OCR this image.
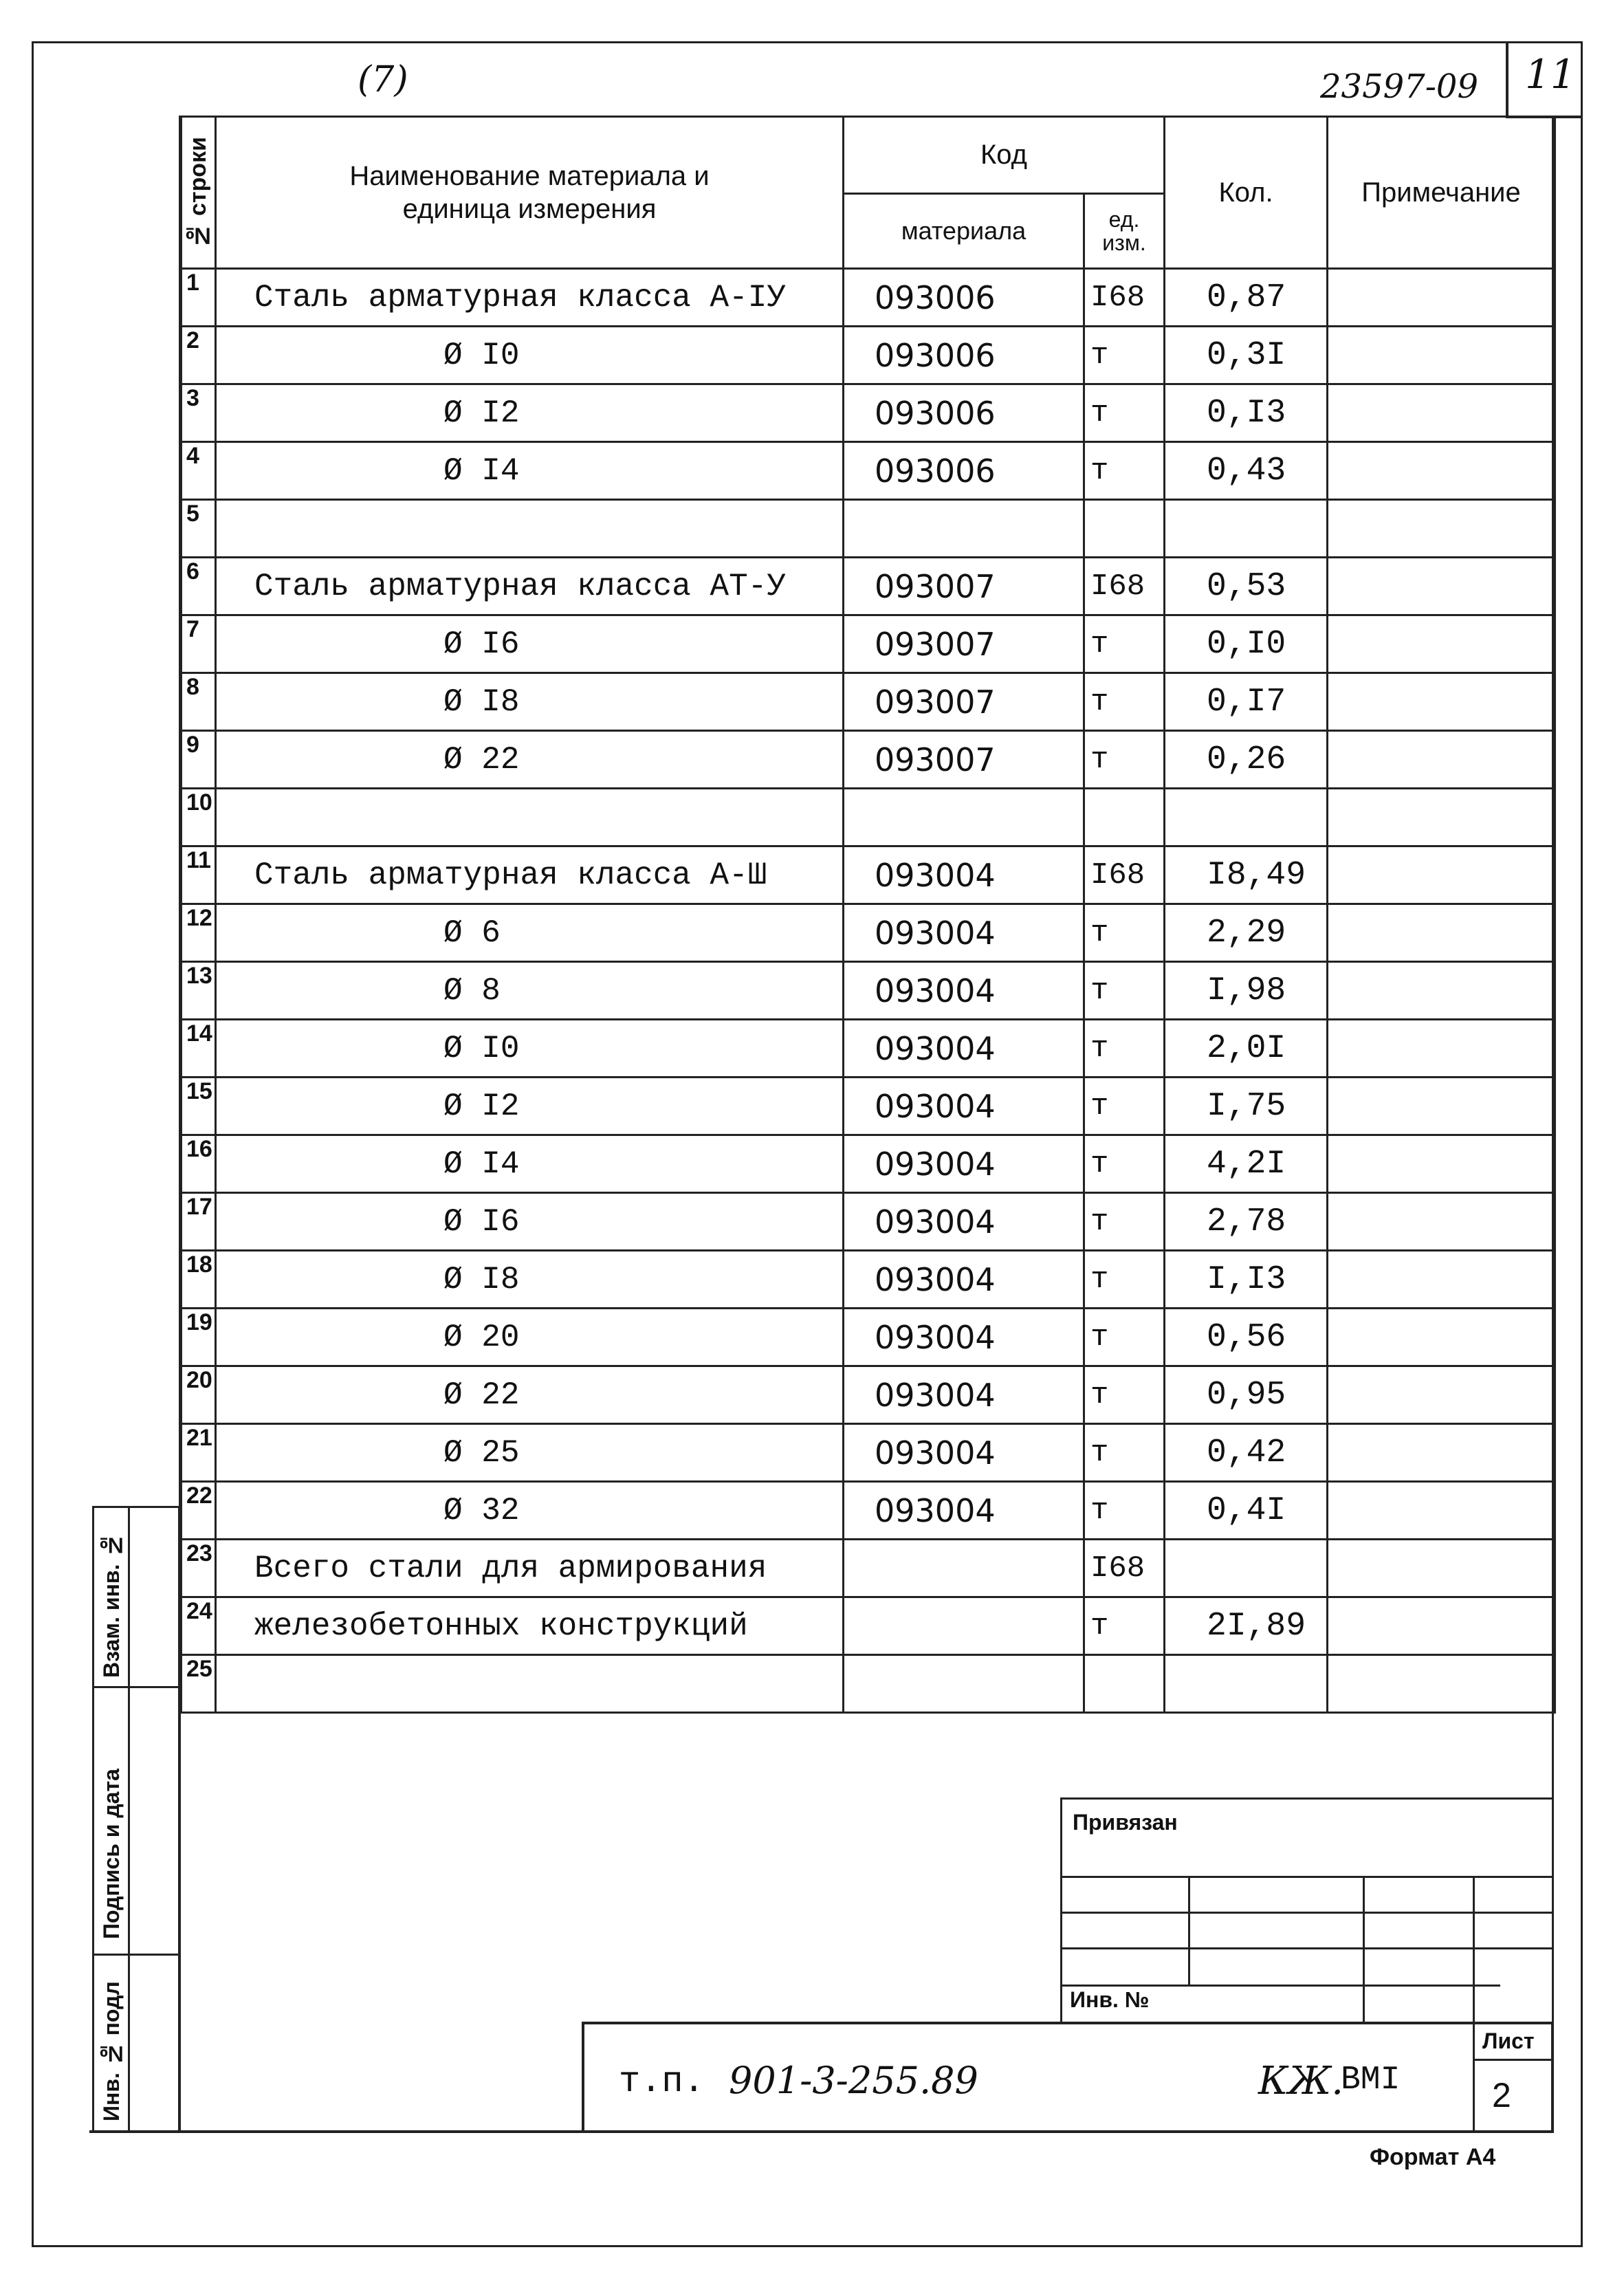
(7)	23597-09 11
№ строки	Наименование материала и единица измерения	Код		Кол.	Примечание
		материала	ед. изм.		
1	Сталь арматурная класса А-IУ	093006	I68	0,87	
2	Ø I0	093006	т	0,3I	
3	Ø I2	093006	т	0,I3	
4	Ø I4	093006	т	0,43	
5					
6	Сталь арматурная класса АТ-У	093007	I68	0,53	
7	Ø I6	093007	т	0,I0	
8	Ø I8	093007	т	0,I7	
9	Ø 22	093007	т	0,26	
10					
11	Сталь арматурная класса А-Ш	093004	I68	I8,49	
12	Ø 6	093004	т	2,29	
13	Ø 8	093004	т	I,98	
14	Ø I0	093004	т	2,0I	
15	Ø I2	093004	т	I,75	
16	Ø I4	093004	т	4,2I	
17	Ø I6	093004	т	2,78	
18	Ø I8	093004	т	I,I3	
19	Ø 20	093004	т	0,56	
20	Ø 22	093004	т	0,95	
21	Ø 25	093004	т	0,42	
22	Ø 32	093004	т	0,4I	
23	Всего стали для армирования		I68		
24	железобетонных конструкций		т	2I,89	
25					
Взам. инв. №
Подпись и дата
Инв. № подл
Привязан
Инв. №
т.п. 901-3-255.89	КЖ.
ВМI
Лист
2
Формат А4
